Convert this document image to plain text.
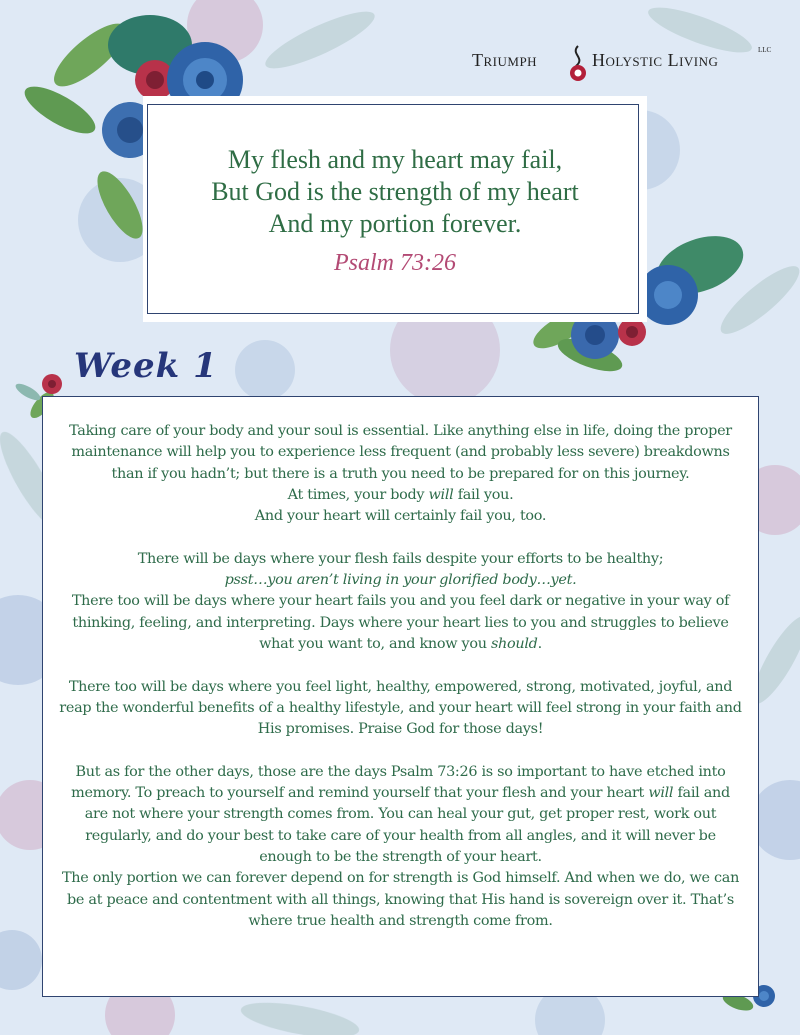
Triumph	Holystic Living	LLC
My flesh and my heart may fail,
But God is the strength of my heart
And my portion forever.
Psalm 73:26
Week 1

Taking care of your body and your soul is essential. Like anything else in life, doing the proper maintenance will help you to experience less frequent (and probably less severe) breakdowns than if you hadn’t; but there is a truth you need to be prepared for on this journey.

At times, your body will fail you.

And your heart will certainly fail you, too.

There will be days where your flesh fails despite your efforts to be healthy;

psst…you aren’t living in your glorified body…yet.

There too will be days where your heart fails you and you feel dark or negative in your way of thinking, feeling, and interpreting. Days where your heart lies to you and struggles to believe what you want to, and know you should.

There too will be days where you feel light, healthy, empowered, strong, motivated, joyful, and reap the wonderful benefits of a healthy lifestyle, and your heart will feel strong in your faith and His promises. Praise God for those days!

But as for the other days, those are the days Psalm 73:26 is so important to have etched into memory. To preach to yourself and remind yourself that your flesh and your heart will fail and are not where your strength comes from. You can heal your gut, get proper rest, work out regularly, and do your best to take care of your health from all angles, and it will never be enough to be the strength of your heart.

The only portion we can forever depend on for strength is God himself. And when we do, we can be at peace and contentment with all things, knowing that His hand is sovereign over it. That’s where true health and strength come from.
